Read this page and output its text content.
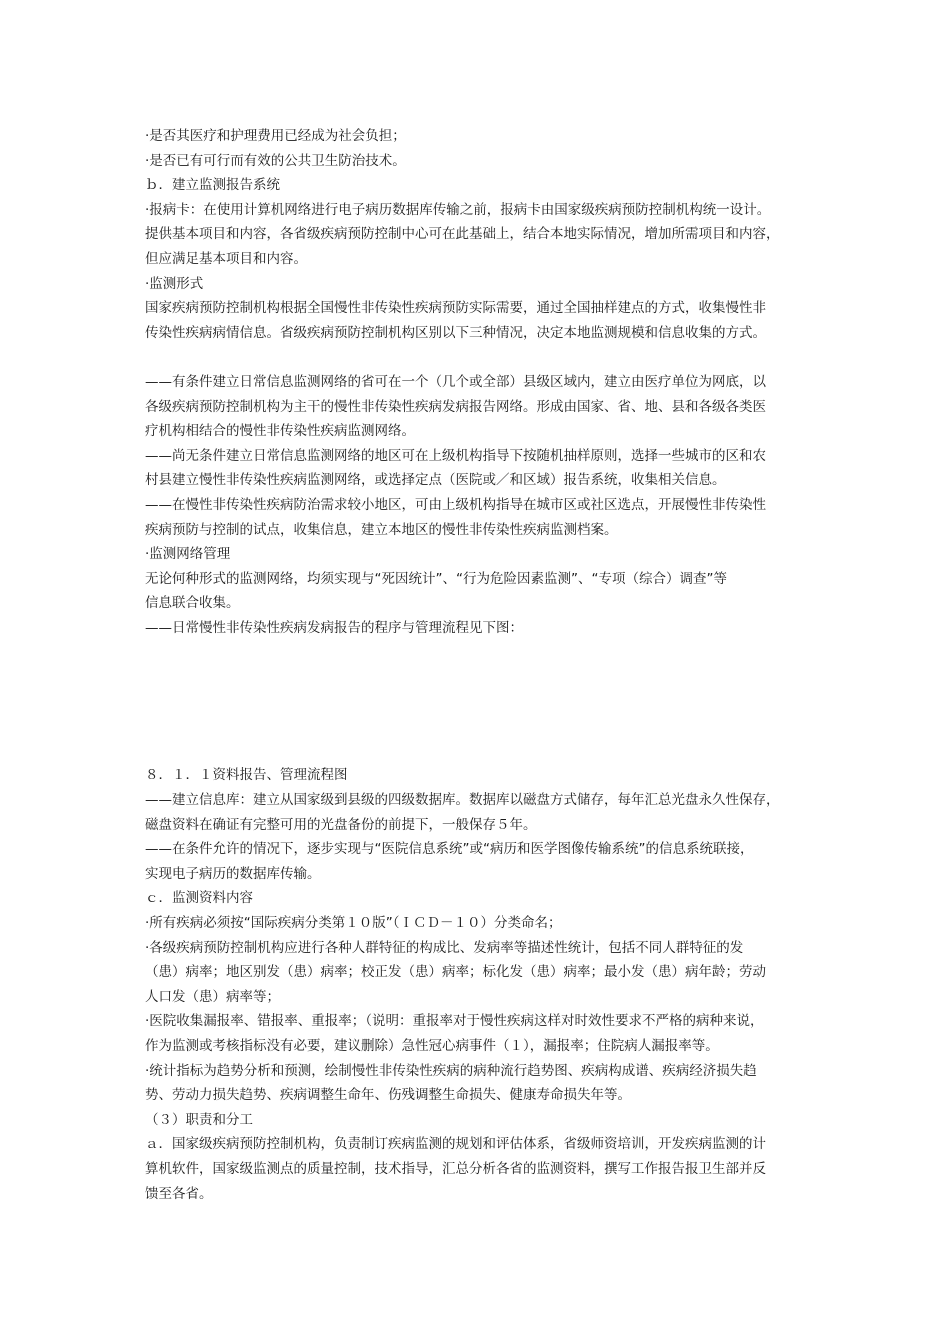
·是否其医疗和护理费用已经成为社会负担；
·是否已有可行而有效的公共卫生防治技术。
ｂ．建立监测报告系统
·报病卡：在使用计算机网络进行电子病历数据库传输之前，报病卡由国家级疾病预防控制机构统一设计。
提供基本项目和内容，各省级疾病预防控制中心可在此基础上，结合本地实际情况，增加所需项目和内容，
但应满足基本项目和内容。
·监测形式
国家疾病预防控制机构根据全国慢性非传染性疾病预防实际需要，通过全国抽样建点的方式，收集慢性非
传染性疾病病情信息。省级疾病预防控制机构区别以下三种情况，决定本地监测规模和信息收集的方式。
——有条件建立日常信息监测网络的省可在一个（几个或全部）县级区域内，建立由医疗单位为网底，以
各级疾病预防控制机构为主干的慢性非传染性疾病发病报告网络。形成由国家、省、地、县和各级各类医
疗机构相结合的慢性非传染性疾病监测网络。
——尚无条件建立日常信息监测网络的地区可在上级机构指导下按随机抽样原则，选择一些城市的区和农
村县建立慢性非传染性疾病监测网络，或选择定点（医院或／和区域）报告系统，收集相关信息。
——在慢性非传染性疾病防治需求较小地区，可由上级机构指导在城市区或社区选点，开展慢性非传染性
疾病预防与控制的试点，收集信息，建立本地区的慢性非传染性疾病监测档案。
·监测网络管理
无论何种形式的监测网络，均须实现与“死因统计”、“行为危险因素监测”、“专项（综合）调查”等
信息联合收集。
——日常慢性非传染性疾病发病报告的程序与管理流程见下图：
８．１．１资料报告、管理流程图
——建立信息库：建立从国家级到县级的四级数据库。数据库以磁盘方式储存，每年汇总光盘永久性保存，
磁盘资料在确证有完整可用的光盘备份的前提下，一般保存５年。
——在条件允许的情况下，逐步实现与“医院信息系统”或“病历和医学图像传输系统”的信息系统联接，
实现电子病历的数据库传输。
ｃ．监测资料内容
·所有疾病必须按“国际疾病分类第１０版”（ＩＣＤ－１０）分类命名；
·各级疾病预防控制机构应进行各种人群特征的构成比、发病率等描述性统计，包括不同人群特征的发
（患）病率；地区别发（患）病率；校正发（患）病率；标化发（患）病率；最小发（患）病年龄；劳动
人口发（患）病率等；
·医院收集漏报率、错报率、重报率；（说明：重报率对于慢性疾病这样对时效性要求不严格的病种来说，
作为监测或考核指标没有必要，建议删除）急性冠心病事件（１），漏报率；住院病人漏报率等。
·统计指标为趋势分析和预测，绘制慢性非传染性疾病的病种流行趋势图、疾病构成谱、疾病经济损失趋
势、劳动力损失趋势、疾病调整生命年、伤残调整生命损失、健康寿命损失年等。
（３）职责和分工
ａ．国家级疾病预防控制机构，负责制订疾病监测的规划和评估体系，省级师资培训，开发疾病监测的计
算机软件，国家级监测点的质量控制，技术指导，汇总分析各省的监测资料，撰写工作报告报卫生部并反
馈至各省。
